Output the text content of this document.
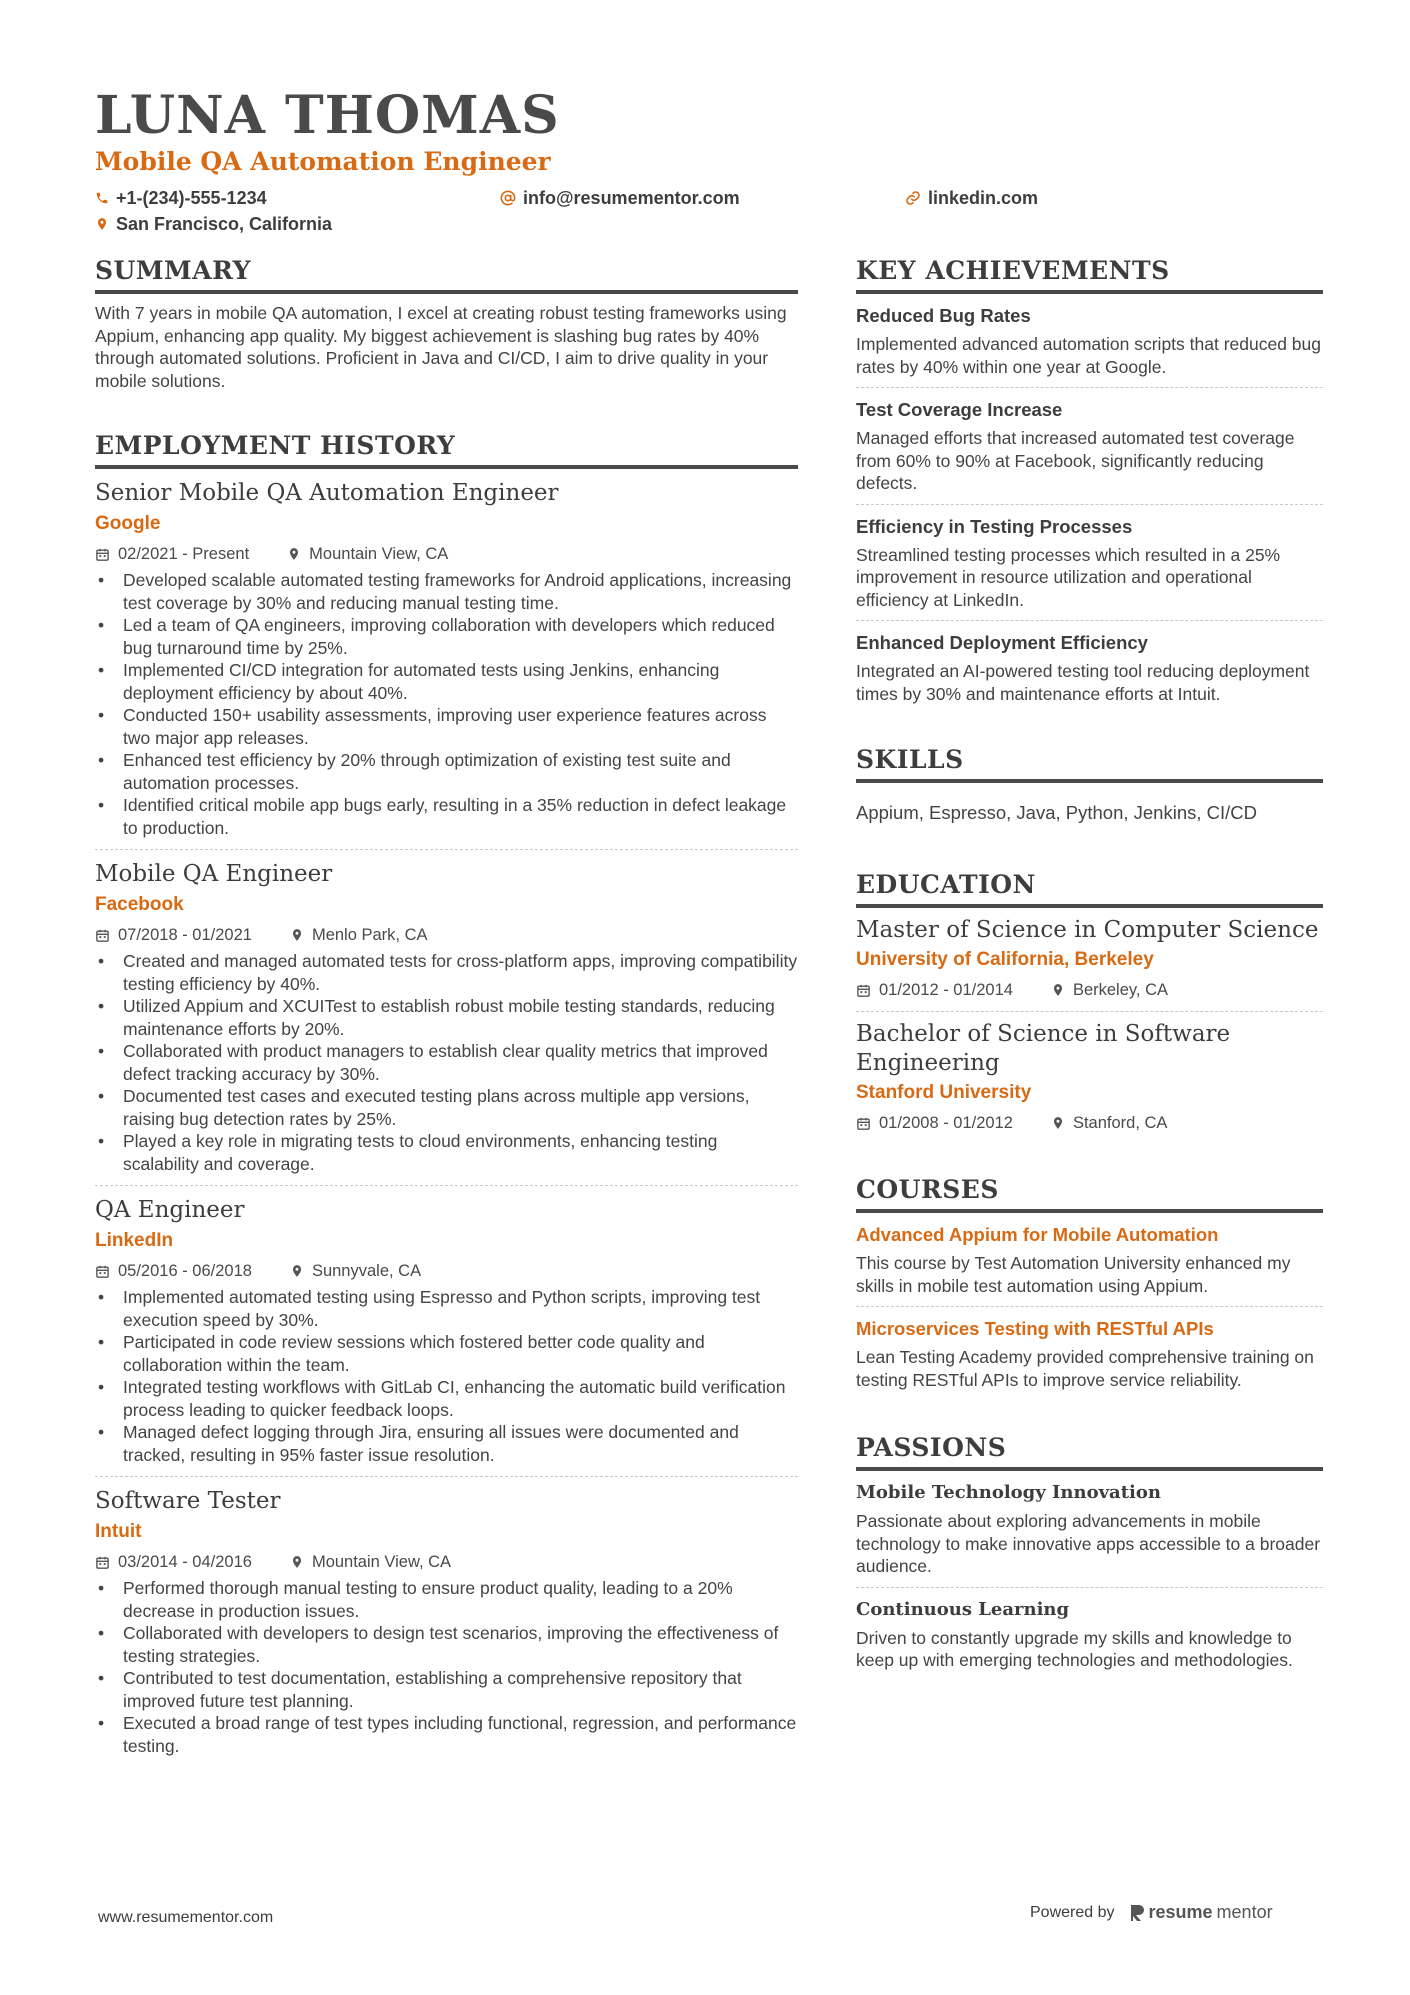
LUNA THOMAS
Mobile QA Automation Engineer
+1-(234)-555-1234	info@resumementor.com	linkedin.com
San Francisco, California
SUMMARY
With 7 years in mobile QA automation, I excel at creating robust testing frameworks using Appium, enhancing app quality. My biggest achievement is slashing bug rates by 40% through automated solutions. Proficient in Java and CI/CD, I aim to drive quality in your mobile solutions.
EMPLOYMENT HISTORY
Senior Mobile QA Automation Engineer
Google
02/2021 - Present	Mountain View, CA
• Developed scalable automated testing frameworks for Android applications, increasing test coverage by 30% and reducing manual testing time.
• Led a team of QA engineers, improving collaboration with developers which reduced bug turnaround time by 25%.
• Implemented CI/CD integration for automated tests using Jenkins, enhancing deployment efficiency by about 40%.
• Conducted 150+ usability assessments, improving user experience features across two major app releases.
• Enhanced test efficiency by 20% through optimization of existing test suite and automation processes.
• Identified critical mobile app bugs early, resulting in a 35% reduction in defect leakage to production.
Mobile QA Engineer
Facebook
07/2018 - 01/2021	Menlo Park, CA
• Created and managed automated tests for cross-platform apps, improving compatibility testing efficiency by 40%.
• Utilized Appium and XCUITest to establish robust mobile testing standards, reducing maintenance efforts by 20%.
• Collaborated with product managers to establish clear quality metrics that improved defect tracking accuracy by 30%.
• Documented test cases and executed testing plans across multiple app versions, raising bug detection rates by 25%.
• Played a key role in migrating tests to cloud environments, enhancing testing scalability and coverage.
QA Engineer
LinkedIn
05/2016 - 06/2018	Sunnyvale, CA
• Implemented automated testing using Espresso and Python scripts, improving test execution speed by 30%.
• Participated in code review sessions which fostered better code quality and collaboration within the team.
• Integrated testing workflows with GitLab CI, enhancing the automatic build verification process leading to quicker feedback loops.
• Managed defect logging through Jira, ensuring all issues were documented and tracked, resulting in 95% faster issue resolution.
Software Tester
Intuit
03/2014 - 04/2016	Mountain View, CA
• Performed thorough manual testing to ensure product quality, leading to a 20% decrease in production issues.
• Collaborated with developers to design test scenarios, improving the effectiveness of testing strategies.
• Contributed to test documentation, establishing a comprehensive repository that improved future test planning.
• Executed a broad range of test types including functional, regression, and performance testing.
KEY ACHIEVEMENTS
Reduced Bug Rates
Implemented advanced automation scripts that reduced bug rates by 40% within one year at Google.
Test Coverage Increase
Managed efforts that increased automated test coverage from 60% to 90% at Facebook, significantly reducing defects.
Efficiency in Testing Processes
Streamlined testing processes which resulted in a 25% improvement in resource utilization and operational efficiency at LinkedIn.
Enhanced Deployment Efficiency
Integrated an AI-powered testing tool reducing deployment times by 30% and maintenance efforts at Intuit.
SKILLS
Appium, Espresso, Java, Python, Jenkins, CI/CD
EDUCATION
Master of Science in Computer Science
University of California, Berkeley
01/2012 - 01/2014	Berkeley, CA
Bachelor of Science in Software Engineering
Stanford University
01/2008 - 01/2012	Stanford, CA
COURSES
Advanced Appium for Mobile Automation
This course by Test Automation University enhanced my skills in mobile test automation using Appium.
Microservices Testing with RESTful APIs
Lean Testing Academy provided comprehensive training on testing RESTful APIs to improve service reliability.
PASSIONS
Mobile Technology Innovation
Passionate about exploring advancements in mobile technology to make innovative apps accessible to a broader audience.
Continuous Learning
Driven to constantly upgrade my skills and knowledge to keep up with emerging technologies and methodologies.
www.resumementor.com	Powered by resume mentor
